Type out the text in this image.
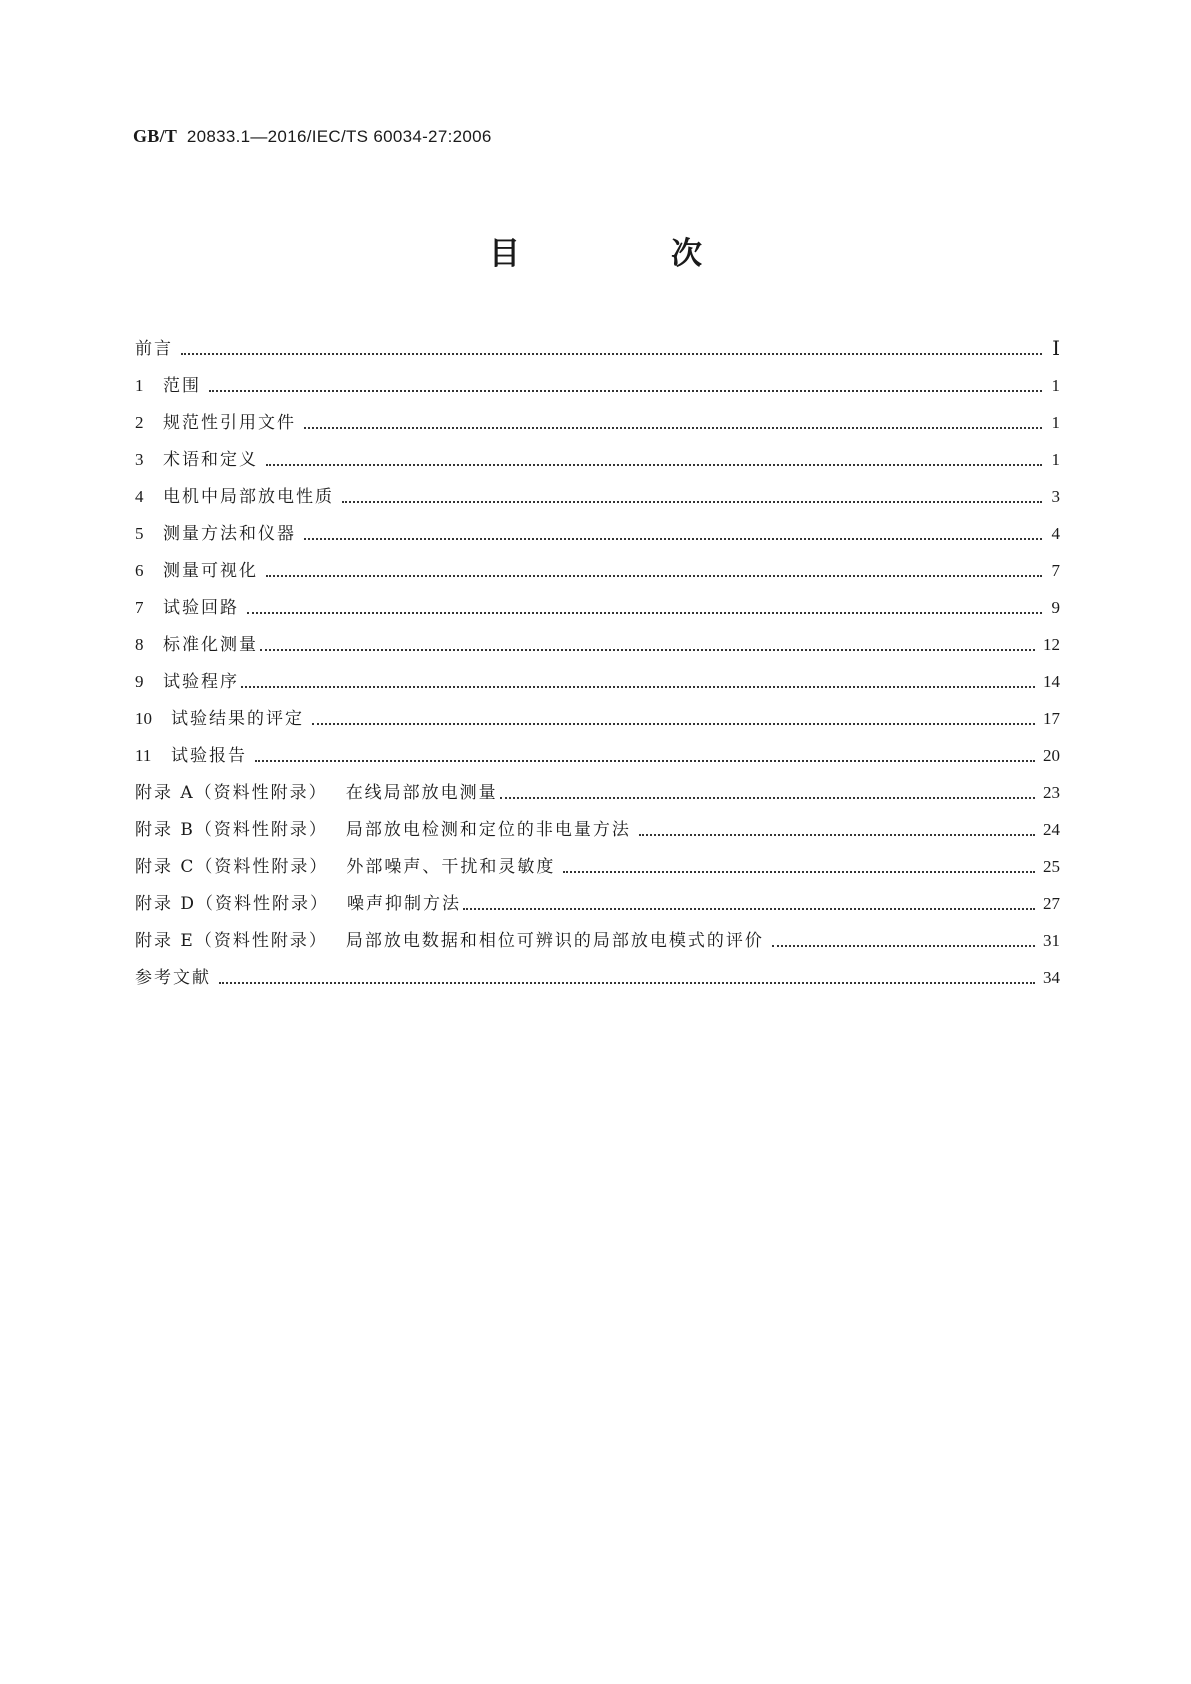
GB/T 20833.1—2016/IEC/TS 60034-27:2006
目　次
前言	Ⅰ
1 范围	1
2 规范性引用文件	1
3 术语和定义	1
4 电机中局部放电性质	3
5 测量方法和仪器	4
6 测量可视化	7
7 试验回路	9
8 标准化测量	12
9 试验程序	14
10 试验结果的评定	17
11 试验报告	20
附录 A（资料性附录） 在线局部放电测量	23
附录 B（资料性附录） 局部放电检测和定位的非电量方法	24
附录 C（资料性附录） 外部噪声、干扰和灵敏度	25
附录 D（资料性附录） 噪声抑制方法	27
附录 E（资料性附录） 局部放电数据和相位可辨识的局部放电模式的评价	31
参考文献	34
